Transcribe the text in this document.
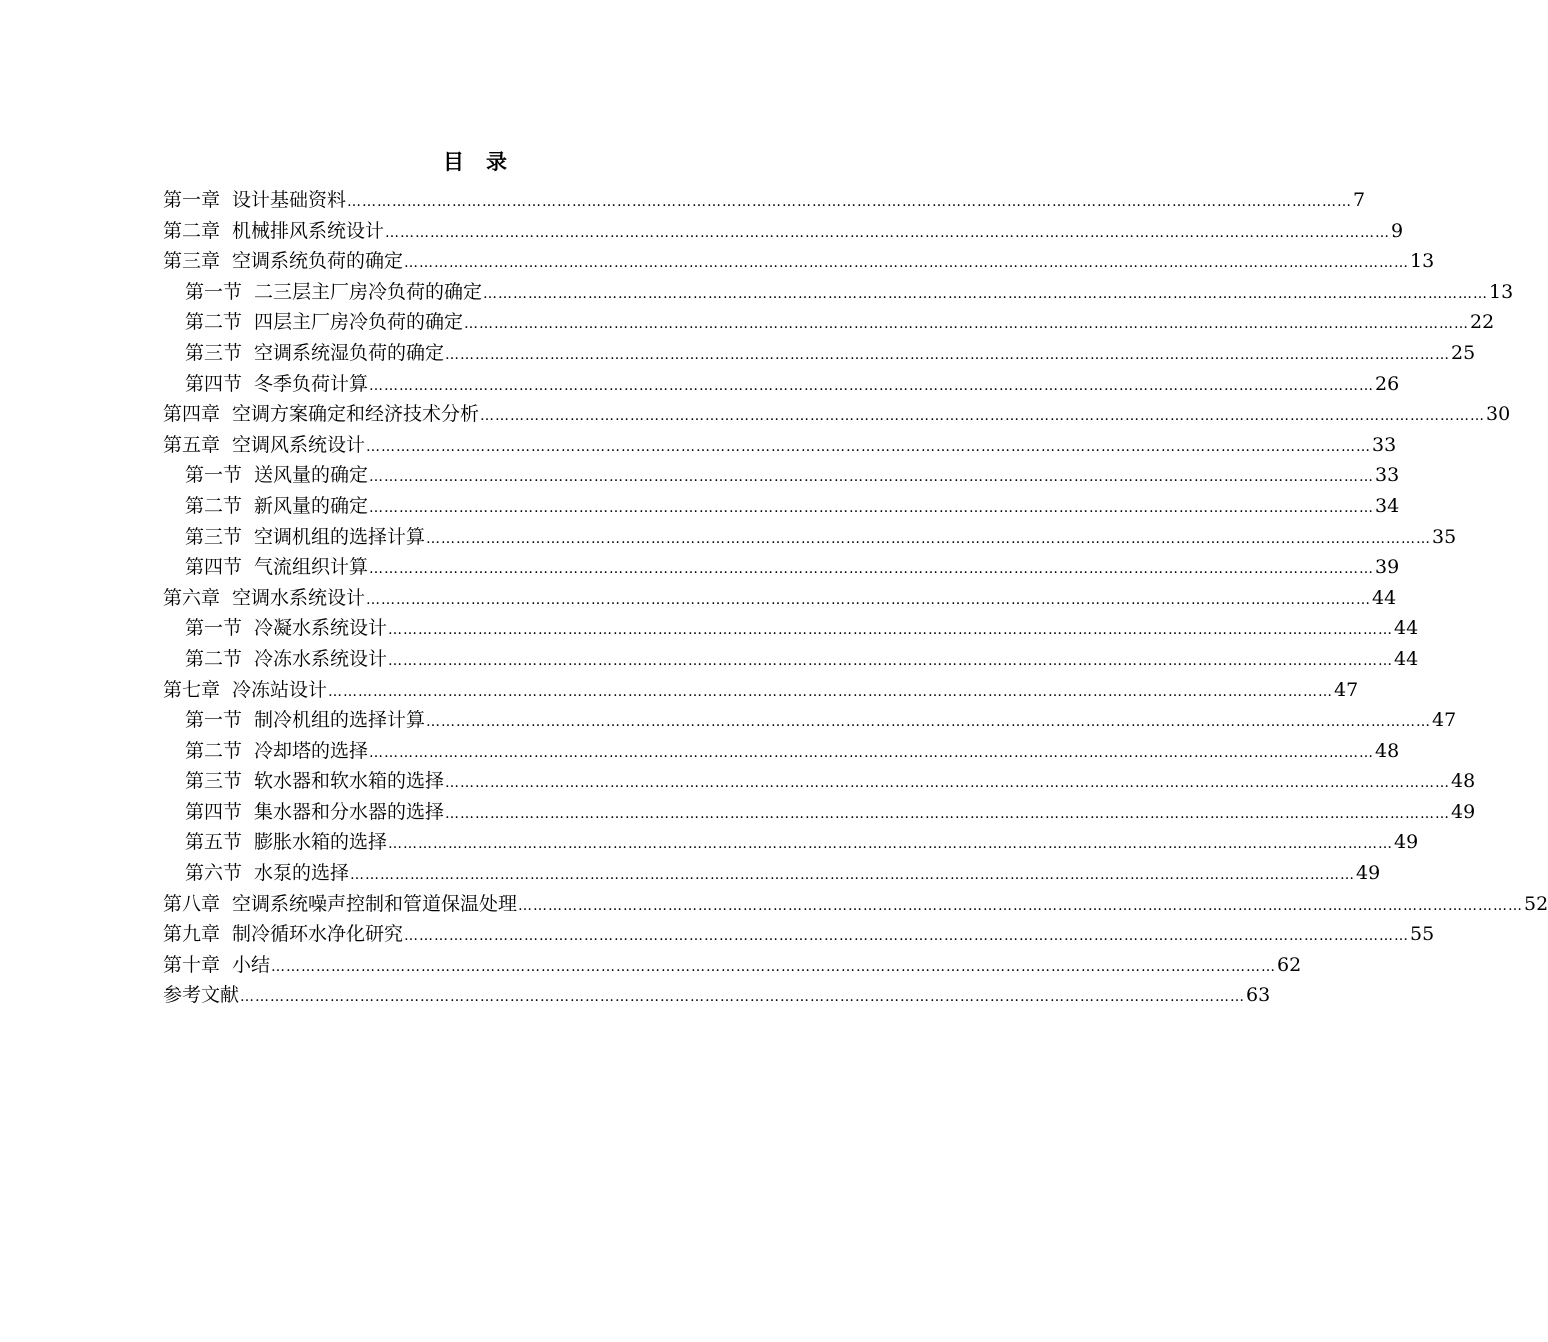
目 录
第一章 设计基础资料 ………………………………………………………………………………………………………………………………………………………………………………… 7
第二章 机械排风系统设计 ………………………………………………………………………………………………………………………………………………………………………………… 9
第三章 空调系统负荷的确定 ………………………………………………………………………………………………………………………………………………………………………………… 13
第一节 二三层主厂房冷负荷的确定 ………………………………………………………………………………………………………………………………………………………………………………… 13
第二节 四层主厂房冷负荷的确定 ………………………………………………………………………………………………………………………………………………………………………………… 22
第三节 空调系统湿负荷的确定 ………………………………………………………………………………………………………………………………………………………………………………… 25
第四节 冬季负荷计算 ………………………………………………………………………………………………………………………………………………………………………………… 26
第四章 空调方案确定和经济技术分析 ………………………………………………………………………………………………………………………………………………………………………………… 30
第五章 空调风系统设计 ………………………………………………………………………………………………………………………………………………………………………………… 33
第一节 送风量的确定 ………………………………………………………………………………………………………………………………………………………………………………… 33
第二节 新风量的确定 ………………………………………………………………………………………………………………………………………………………………………………… 34
第三节 空调机组的选择计算 ………………………………………………………………………………………………………………………………………………………………………………… 35
第四节 气流组织计算 ………………………………………………………………………………………………………………………………………………………………………………… 39
第六章 空调水系统设计 ………………………………………………………………………………………………………………………………………………………………………………… 44
第一节 冷凝水系统设计 ………………………………………………………………………………………………………………………………………………………………………………… 44
第二节 冷冻水系统设计 ………………………………………………………………………………………………………………………………………………………………………………… 44
第七章 冷冻站设计 ………………………………………………………………………………………………………………………………………………………………………………… 47
第一节 制冷机组的选择计算 ………………………………………………………………………………………………………………………………………………………………………………… 47
第二节 冷却塔的选择 ………………………………………………………………………………………………………………………………………………………………………………… 48
第三节 软水器和软水箱的选择 ………………………………………………………………………………………………………………………………………………………………………………… 48
第四节 集水器和分水器的选择 ………………………………………………………………………………………………………………………………………………………………………………… 49
第五节 膨胀水箱的选择 ………………………………………………………………………………………………………………………………………………………………………………… 49
第六节 水泵的选择 ………………………………………………………………………………………………………………………………………………………………………………… 49
第八章 空调系统噪声控制和管道保温处理 ………………………………………………………………………………………………………………………………………………………………………………… 52
第九章 制冷循环水净化研究 ………………………………………………………………………………………………………………………………………………………………………………… 55
第十章 小结 ………………………………………………………………………………………………………………………………………………………………………………… 62
参考文献 ………………………………………………………………………………………………………………………………………………………………………………… 63
